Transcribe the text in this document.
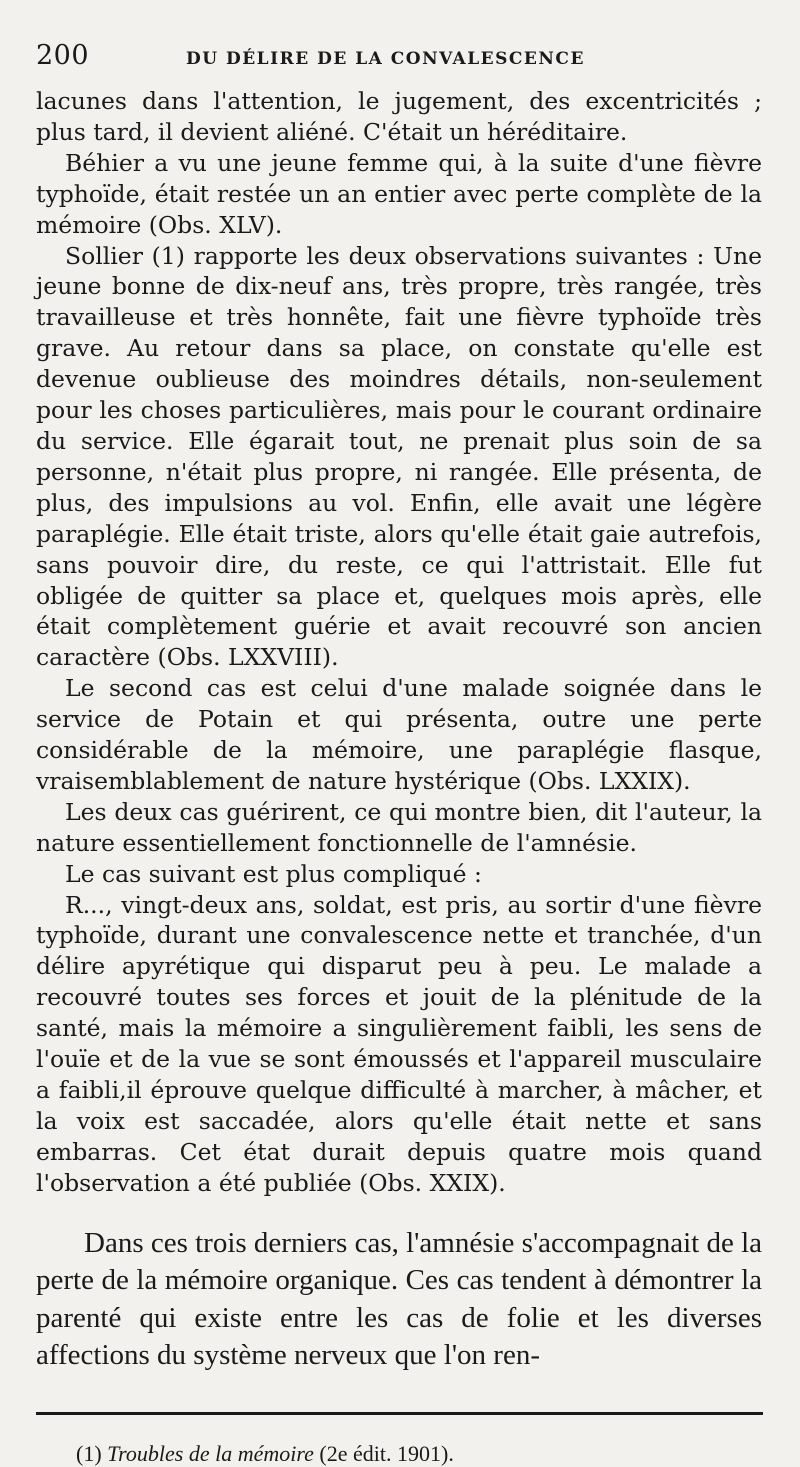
200	DU DÉLIRE DE LA CONVALESCENCE

lacunes dans l'attention, le jugement, des excentricités ; plus tard, il devient aliéné. C'était un héréditaire.

Béhier a vu une jeune femme qui, à la suite d'une fièvre typhoïde, était restée un an entier avec perte complète de la mémoire (Obs. XLV).

Sollier (1) rapporte les deux observations suivantes : Une jeune bonne de dix-neuf ans, très propre, très rangée, très travailleuse et très honnête, fait une fièvre typhoïde très grave. Au retour dans sa place, on constate qu'elle est devenue oublieuse des moindres détails, non-seulement pour les choses particulières, mais pour le courant ordinaire du service. Elle égarait tout, ne prenait plus soin de sa personne, n'était plus propre, ni rangée. Elle présenta, de plus, des impulsions au vol. Enfin, elle avait une légère paraplégie. Elle était triste, alors qu'elle était gaie autrefois, sans pouvoir dire, du reste, ce qui l'attristait. Elle fut obligée de quitter sa place et, quelques mois après, elle était complètement guérie et avait recouvré son ancien caractère (Obs. LXXVIII).

Le second cas est celui d'une malade soignée dans le service de Potain et qui présenta, outre une perte considérable de la mémoire, une paraplégie flasque, vraisemblablement de nature hystérique (Obs. LXXIX).

Les deux cas guérirent, ce qui montre bien, dit l'auteur, la nature essentiellement fonctionnelle de l'amnésie.

Le cas suivant est plus compliqué :

R..., vingt-deux ans, soldat, est pris, au sortir d'une fièvre typhoïde, durant une convalescence nette et tranchée, d'un délire apyrétique qui disparut peu à peu. Le malade a recouvré toutes ses forces et jouit de la plénitude de la santé, mais la mémoire a singulièrement faibli, les sens de l'ouïe et de la vue se sont émoussés et l'appareil musculaire a faibli,il éprouve quelque difficulté à marcher, à mâcher, et la voix est saccadée, alors qu'elle était nette et sans embarras. Cet état durait depuis quatre mois quand l'observation a été publiée (Obs. XXIX).

Dans ces trois derniers cas, l'amnésie s'accompagnait de la perte de la mémoire organique. Ces cas tendent à démontrer la parenté qui existe entre les cas de folie et les diverses affections du système nerveux que l'on ren-

(1) Troubles de la mémoire (2e édit. 1901).
